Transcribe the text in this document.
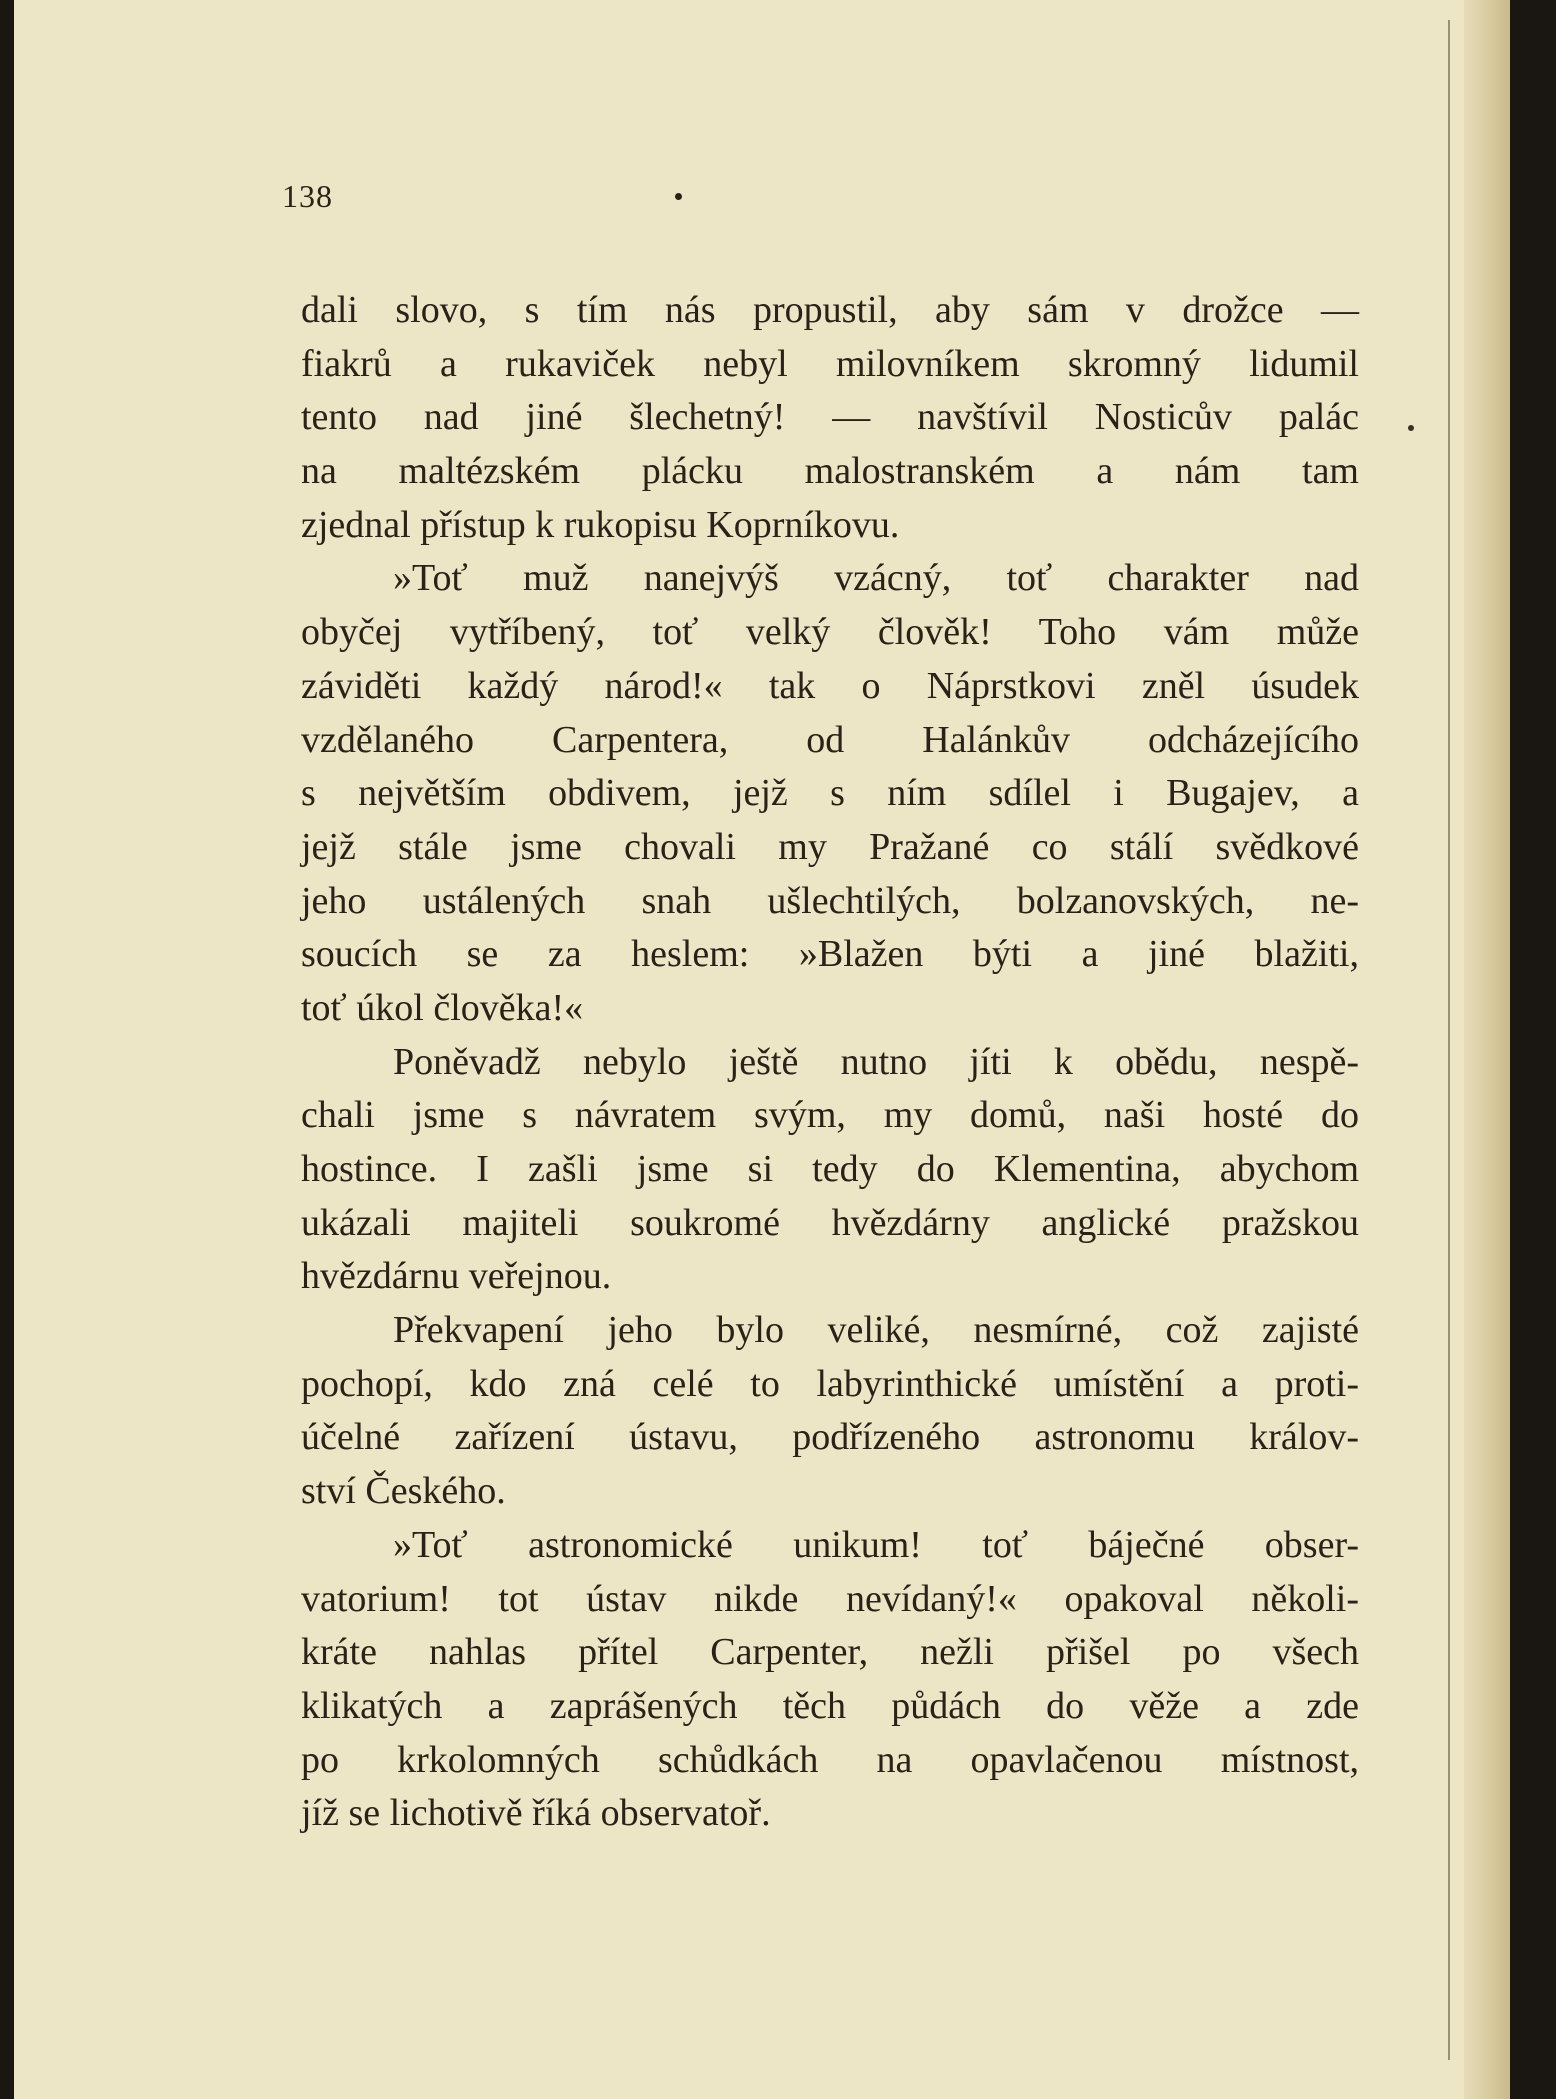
138
dali slovo, s tím nás propustil, aby sám v drožce —
fiakrů a rukaviček nebyl milovníkem skromný lidumil
tento nad jiné šlechetný! — navštívil Nosticův palác
na maltézském plácku malostranském a nám tam
zjednal přístup k rukopisu Koprníkovu.
»Toť muž nanejvýš vzácný, toť charakter nad
obyčej vytříbený, toť velký člověk! Toho vám může
záviděti každý národ!« tak o Náprstkovi zněl úsudek
vzdělaného Carpentera, od Halánkův odcházejícího
s největším obdivem, jejž s ním sdílel i Bugajev, a
jejž stále jsme chovali my Pražané co stálí svědkové
jeho ustálených snah ušlechtilých, bolzanovských, ne-
soucích se za heslem: »Blažen býti a jiné blažiti,
toť úkol člověka!«
Poněvadž nebylo ještě nutno jíti k obědu, nespě-
chali jsme s návratem svým, my domů, naši hosté do
hostince. I zašli jsme si tedy do Klementina, abychom
ukázali majiteli soukromé hvězdárny anglické pražskou
hvězdárnu veřejnou.
Překvapení jeho bylo veliké, nesmírné, což zajisté
pochopí, kdo zná celé to labyrinthické umístění a proti-
účelné zařízení ústavu, podřízeného astronomu králov-
ství Českého.
»Toť astronomické unikum! toť báječné obser-
vatorium! tot ústav nikde nevídaný!« opakoval několi-
kráte nahlas přítel Carpenter, nežli přišel po všech
klikatých a zaprášených těch půdách do věže a zde
po krkolomných schůdkách na opavlačenou místnost,
jíž se lichotivě říká observatoř.
